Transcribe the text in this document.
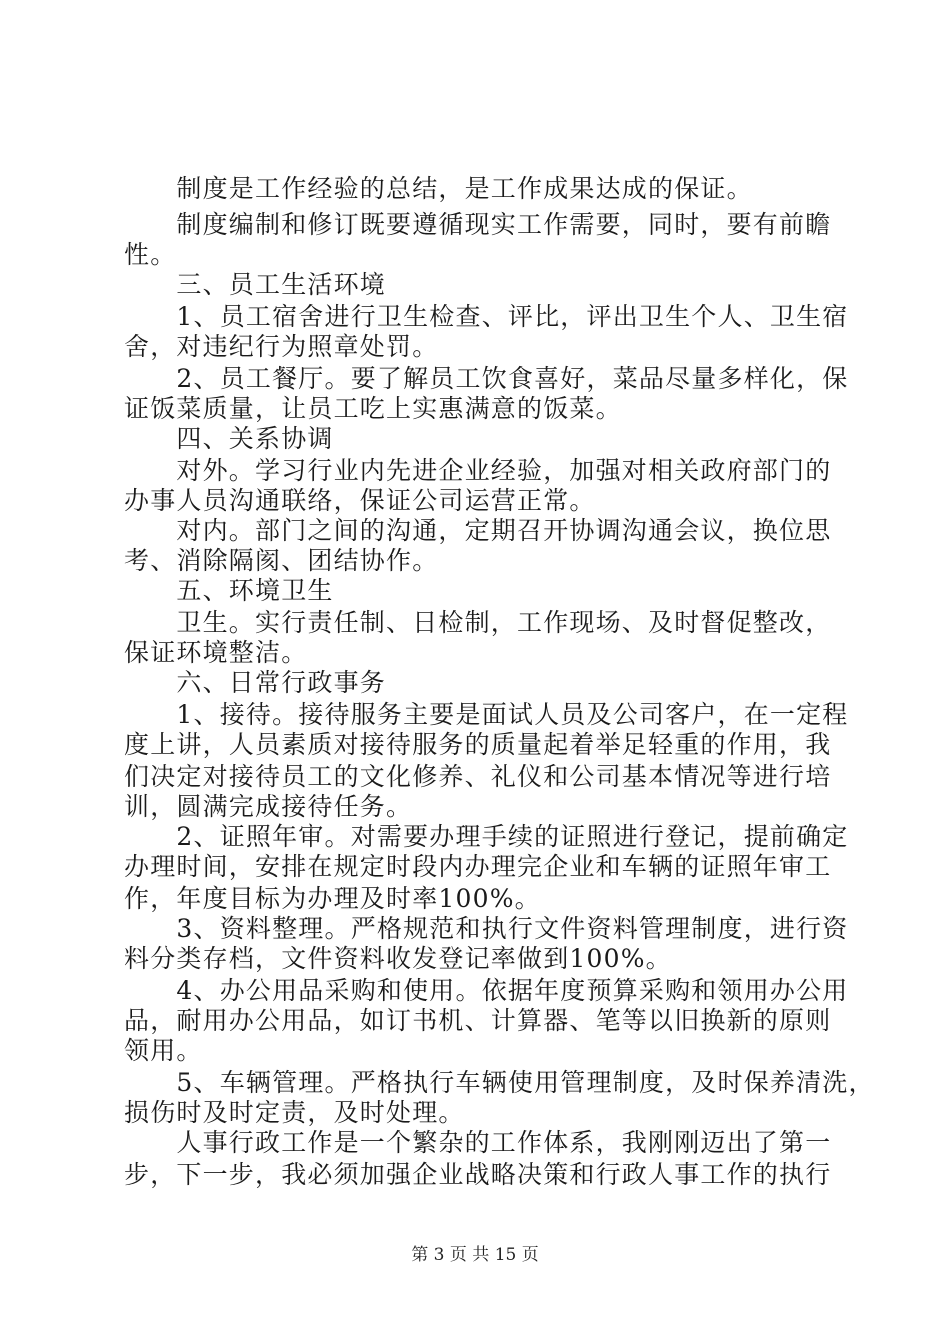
　　制度是工作经验的总结，是工作成果达成的保证。
　　制度编制和修订既要遵循现实工作需要，同时，要有前瞻
性。
　　三、员工生活环境
　　1、员工宿舍进行卫生检查、评比，评出卫生个人、卫生宿
舍，对违纪行为照章处罚。
　　2、员工餐厅。要了解员工饮食喜好，菜品尽量多样化，保
证饭菜质量，让员工吃上实惠满意的饭菜。
　　四、关系协调
　　对外。学习行业内先进企业经验，加强对相关政府部门的
办事人员沟通联络，保证公司运营正常。
　　对内。部门之间的沟通，定期召开协调沟通会议，换位思
考、消除隔阂、团结协作。
　　五、环境卫生
　　卫生。实行责任制、日检制，工作现场、及时督促整改，
保证环境整洁。
　　六、日常行政事务
　　1、接待。接待服务主要是面试人员及公司客户，在一定程
度上讲，人员素质对接待服务的质量起着举足轻重的作用，我
们决定对接待员工的文化修养、礼仪和公司基本情况等进行培
训，圆满完成接待任务。
　　2、证照年审。对需要办理手续的证照进行登记，提前确定
办理时间，安排在规定时段内办理完企业和车辆的证照年审工
作，年度目标为办理及时率100%。
　　3、资料整理。严格规范和执行文件资料管理制度，进行资
料分类存档，文件资料收发登记率做到100%。
　　4、办公用品采购和使用。依据年度预算采购和领用办公用
品，耐用办公用品，如订书机、计算器、笔等以旧换新的原则
领用。
　　5、车辆管理。严格执行车辆使用管理制度，及时保养清洗，
损伤时及时定责，及时处理。
　　人事行政工作是一个繁杂的工作体系，我刚刚迈出了第一
步，下一步，我必须加强企业战略决策和行政人事工作的执行
第 3 页 共 15 页
